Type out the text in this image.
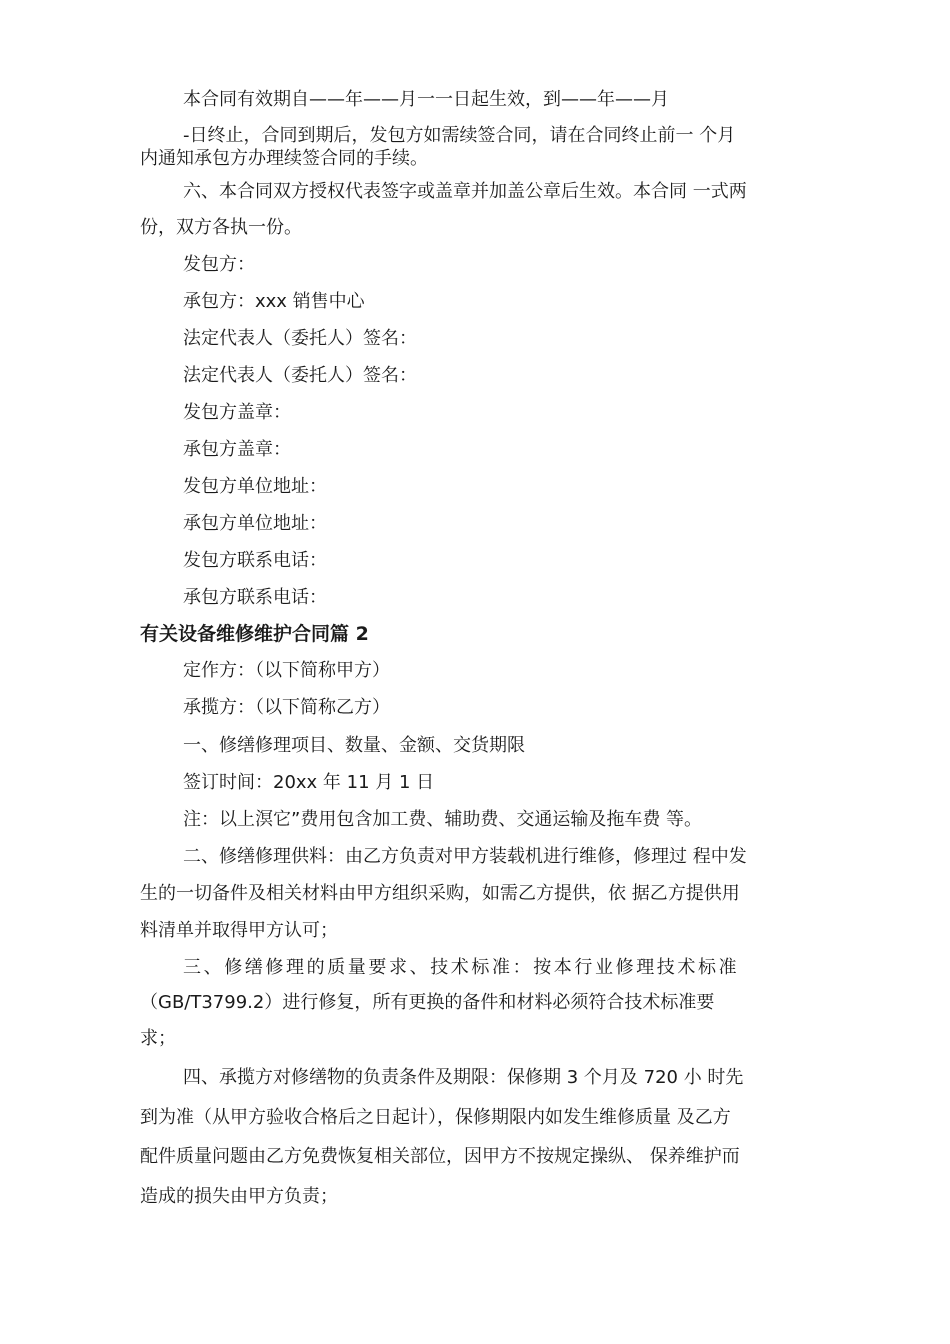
本合同有效期自——年——月一一日起生效，到——年——月
-日终止，合同到期后，发包方如需续签合同，请在合同终止前一 个月
内通知承包方办理续签合同的手续。
六、本合同双方授权代表签字或盖章并加盖公章后生效。本合同 一式两
份，双方各执一份。
发包方：
承包方：xxx 销售中心
法定代表人（委托人）签名：
法定代表人（委托人）签名：
发包方盖章：
承包方盖章：
发包方单位地址：
承包方单位地址：
发包方联系电话：
承包方联系电话：
有关设备维修维护合同篇 2
定作方：（以下简称甲方）
承揽方：（以下简称乙方）
一、修缮修理项目、数量、金额、交货期限
签订时间：20xx 年 11 月 1 日
注：以上溟它”费用包含加工费、辅助费、交通运输及拖车费 等。
二、修缮修理供料：由乙方负责对甲方装载机进行维修，修理过 程中发
生的一切备件及相关材料由甲方组织采购，如需乙方提供，依 据乙方提供用
料清单并取得甲方认可；
三、修缮修理的质量要求、技术标准：按本行业修理技术标准
（GB/T3799.2）进行修复，所有更换的备件和材料必须符合技术标准要
求；
四、承揽方对修缮物的负责条件及期限：保修期 3 个月及 720 小 时先
到为准（从甲方验收合格后之日起计），保修期限内如发生维修质量 及乙方
配件质量问题由乙方免费恢复相关部位，因甲方不按规定操纵、 保养维护而
造成的损失由甲方负责；
